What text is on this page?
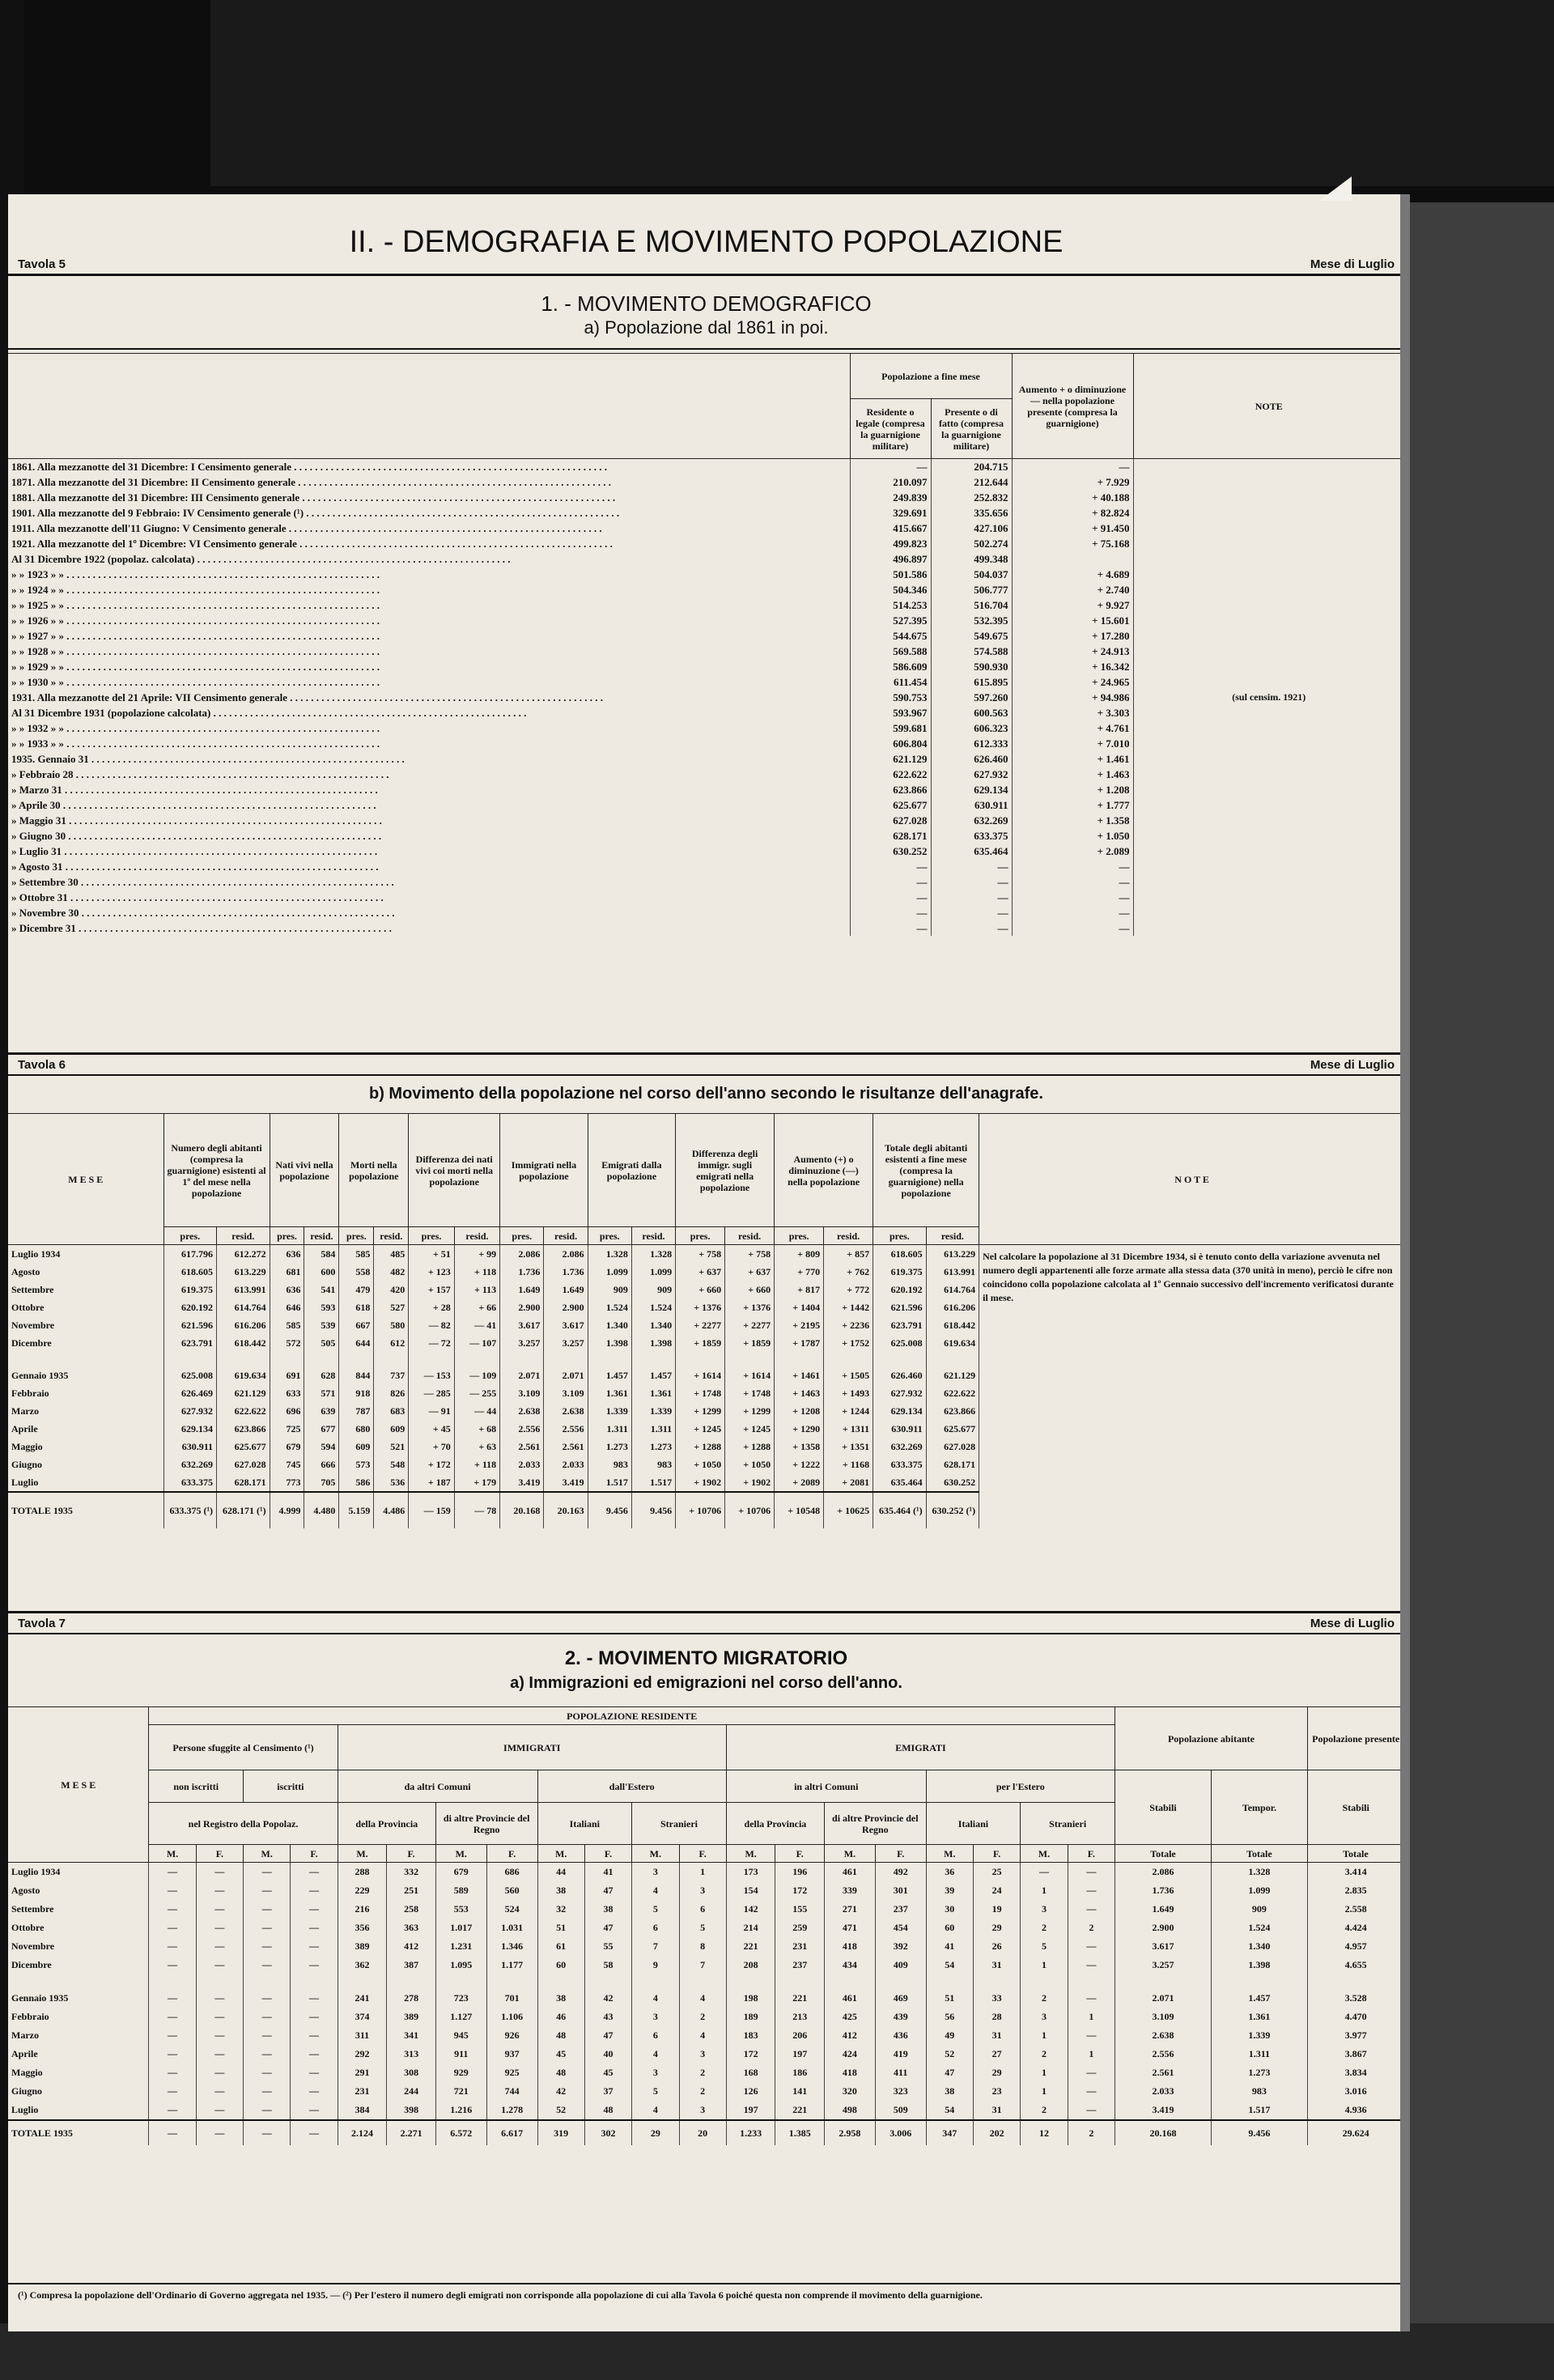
II. - DEMOGRAFIA E MOVIMENTO POPOLAZIONE
Tavola 5	Mese di Luglio
1. - MOVIMENTO DEMOGRAFICO
a) Popolazione dal 1861 in poi.
	Popolazione a fine mese		Aumento + o diminuzione — nella popolazione presente (compresa la guarnigione)	NOTE
	Residente o legale (compresa la guarnigione militare)	Presente o di fatto (compresa la guarnigione militare)		
1861. Alla mezzanotte del 31 Dicembre: I Censimento generale . . . . . . . . . . . . . . . . . . . . . . . . . . . . . . . . . . . . . . . . . . . . . . . . . . . . . . . . . . . .	—	204.715	—	
1871. Alla mezzanotte del 31 Dicembre: II Censimento generale . . . . . . . . . . . . . . . . . . . . . . . . . . . . . . . . . . . . . . . . . . . . . . . . . . . . . . . . . . . .	210.097	212.644	+ 7.929	
1881. Alla mezzanotte del 31 Dicembre: III Censimento generale . . . . . . . . . . . . . . . . . . . . . . . . . . . . . . . . . . . . . . . . . . . . . . . . . . . . . . . . . . . .	249.839	252.832	+ 40.188	
1901. Alla mezzanotte del 9 Febbraio: IV Censimento generale (¹) . . . . . . . . . . . . . . . . . . . . . . . . . . . . . . . . . . . . . . . . . . . . . . . . . . . . . . . . . . . .	329.691	335.656	+ 82.824	
1911. Alla mezzanotte dell'11 Giugno: V Censimento generale . . . . . . . . . . . . . . . . . . . . . . . . . . . . . . . . . . . . . . . . . . . . . . . . . . . . . . . . . . . .	415.667	427.106	+ 91.450	
1921. Alla mezzanotte del 1º Dicembre: VI Censimento generale . . . . . . . . . . . . . . . . . . . . . . . . . . . . . . . . . . . . . . . . . . . . . . . . . . . . . . . . . . . .	499.823	502.274	+ 75.168	
Al 31 Dicembre 1922 (popolaz. calcolata) . . . . . . . . . . . . . . . . . . . . . . . . . . . . . . . . . . . . . . . . . . . . . . . . . . . . . . . . . . . .	496.897	499.348		
» » 1923 » » . . . . . . . . . . . . . . . . . . . . . . . . . . . . . . . . . . . . . . . . . . . . . . . . . . . . . . . . . . . .	501.586	504.037	+ 4.689	
» » 1924 » » . . . . . . . . . . . . . . . . . . . . . . . . . . . . . . . . . . . . . . . . . . . . . . . . . . . . . . . . . . . .	504.346	506.777	+ 2.740	
» » 1925 » » . . . . . . . . . . . . . . . . . . . . . . . . . . . . . . . . . . . . . . . . . . . . . . . . . . . . . . . . . . . .	514.253	516.704	+ 9.927	
» » 1926 » » . . . . . . . . . . . . . . . . . . . . . . . . . . . . . . . . . . . . . . . . . . . . . . . . . . . . . . . . . . . .	527.395	532.395	+ 15.601	
» » 1927 » » . . . . . . . . . . . . . . . . . . . . . . . . . . . . . . . . . . . . . . . . . . . . . . . . . . . . . . . . . . . .	544.675	549.675	+ 17.280	
» » 1928 » » . . . . . . . . . . . . . . . . . . . . . . . . . . . . . . . . . . . . . . . . . . . . . . . . . . . . . . . . . . . .	569.588	574.588	+ 24.913	
» » 1929 » » . . . . . . . . . . . . . . . . . . . . . . . . . . . . . . . . . . . . . . . . . . . . . . . . . . . . . . . . . . . .	586.609	590.930	+ 16.342	
» » 1930 » » . . . . . . . . . . . . . . . . . . . . . . . . . . . . . . . . . . . . . . . . . . . . . . . . . . . . . . . . . . . .	611.454	615.895	+ 24.965	
1931. Alla mezzanotte del 21 Aprile: VII Censimento generale . . . . . . . . . . . . . . . . . . . . . . . . . . . . . . . . . . . . . . . . . . . . . . . . . . . . . . . . . . . .	590.753	597.260	+ 94.986	(sul censim. 1921)
Al 31 Dicembre 1931 (popolazione calcolata) . . . . . . . . . . . . . . . . . . . . . . . . . . . . . . . . . . . . . . . . . . . . . . . . . . . . . . . . . . . .	593.967	600.563	+ 3.303	
» » 1932 » » . . . . . . . . . . . . . . . . . . . . . . . . . . . . . . . . . . . . . . . . . . . . . . . . . . . . . . . . . . . .	599.681	606.323	+ 4.761	
» » 1933 » » . . . . . . . . . . . . . . . . . . . . . . . . . . . . . . . . . . . . . . . . . . . . . . . . . . . . . . . . . . . .	606.804	612.333	+ 7.010	
1935. Gennaio 31 . . . . . . . . . . . . . . . . . . . . . . . . . . . . . . . . . . . . . . . . . . . . . . . . . . . . . . . . . . . .	621.129	626.460	+ 1.461	
» Febbraio 28 . . . . . . . . . . . . . . . . . . . . . . . . . . . . . . . . . . . . . . . . . . . . . . . . . . . . . . . . . . . .	622.622	627.932	+ 1.463	
» Marzo 31 . . . . . . . . . . . . . . . . . . . . . . . . . . . . . . . . . . . . . . . . . . . . . . . . . . . . . . . . . . . .	623.866	629.134	+ 1.208	
» Aprile 30 . . . . . . . . . . . . . . . . . . . . . . . . . . . . . . . . . . . . . . . . . . . . . . . . . . . . . . . . . . . .	625.677	630.911	+ 1.777	
» Maggio 31 . . . . . . . . . . . . . . . . . . . . . . . . . . . . . . . . . . . . . . . . . . . . . . . . . . . . . . . . . . . .	627.028	632.269	+ 1.358	
» Giugno 30 . . . . . . . . . . . . . . . . . . . . . . . . . . . . . . . . . . . . . . . . . . . . . . . . . . . . . . . . . . . .	628.171	633.375	+ 1.050	
» Luglio 31 . . . . . . . . . . . . . . . . . . . . . . . . . . . . . . . . . . . . . . . . . . . . . . . . . . . . . . . . . . . .	630.252	635.464	+ 2.089	
» Agosto 31 . . . . . . . . . . . . . . . . . . . . . . . . . . . . . . . . . . . . . . . . . . . . . . . . . . . . . . . . . . . .	—	—	—	
» Settembre 30 . . . . . . . . . . . . . . . . . . . . . . . . . . . . . . . . . . . . . . . . . . . . . . . . . . . . . . . . . . . .	—	—	—	
» Ottobre 31 . . . . . . . . . . . . . . . . . . . . . . . . . . . . . . . . . . . . . . . . . . . . . . . . . . . . . . . . . . . .	—	—	—	
» Novembre 30 . . . . . . . . . . . . . . . . . . . . . . . . . . . . . . . . . . . . . . . . . . . . . . . . . . . . . . . . . . . .	—	—	—	
» Dicembre 31 . . . . . . . . . . . . . . . . . . . . . . . . . . . . . . . . . . . . . . . . . . . . . . . . . . . . . . . . . . . .	—	—	—	
Tavola 6	Mese di Luglio
b) Movimento della popolazione nel corso dell'anno secondo le risultanze dell'anagrafe.
M E S E	Numero degli abitanti (compresa la guarnigione) esistenti al 1º del mese nella popolazione		Nati vivi nella popolazione		Morti nella popolazione		Differenza dei nati vivi coi morti nella popolazione		Immigrati nella popolazione		Emigrati dalla popolazione		Differenza degli immigr. sugli emigrati nella popolazione		Aumento (+) o diminuzione (—) nella popolazione		Totale degli abitanti esistenti a fine mese (compresa la guarnigione) nella popolazione		N O T E
	pres.	resid.	pres.	resid.	pres.	resid.	pres.	resid.	pres.	resid.	pres.	resid.	pres.	resid.	pres.	resid.	pres.	resid.	
Luglio 1934	617.796	612.272	636	584	585	485	+ 51	+ 99	2.086	2.086	1.328	1.328	+ 758	+ 758	+ 809	+ 857	618.605	613.229	Nel calcolare la popolazione al 31 Dicembre 1934, si è tenuto conto della variazione avvenuta nel numero degli appartenenti alle forze armate alla stessa data (370 unità in meno), perciò le cifre non coincidono colla popolazione calcolata al 1º Gennaio successivo dell'incremento verificatosi durante il mese.
Agosto	618.605	613.229	681	600	558	482	+ 123	+ 118	1.736	1.736	1.099	1.099	+ 637	+ 637	+ 770	+ 762	619.375	613.991	
Settembre	619.375	613.991	636	541	479	420	+ 157	+ 113	1.649	1.649	909	909	+ 660	+ 660	+ 817	+ 772	620.192	614.764	
Ottobre	620.192	614.764	646	593	618	527	+ 28	+ 66	2.900	2.900	1.524	1.524	+ 1376	+ 1376	+ 1404	+ 1442	621.596	616.206	
Novembre	621.596	616.206	585	539	667	580	— 82	— 41	3.617	3.617	1.340	1.340	+ 2277	+ 2277	+ 2195	+ 2236	623.791	618.442	
Dicembre	623.791	618.442	572	505	644	612	— 72	— 107	3.257	3.257	1.398	1.398	+ 1859	+ 1859	+ 1787	+ 1752	625.008	619.634	

Gennaio 1935	625.008	619.634	691	628	844	737	— 153	— 109	2.071	2.071	1.457	1.457	+ 1614	+ 1614	+ 1461	+ 1505	626.460	621.129	
Febbraio	626.469	621.129	633	571	918	826	— 285	— 255	3.109	3.109	1.361	1.361	+ 1748	+ 1748	+ 1463	+ 1493	627.932	622.622	
Marzo	627.932	622.622	696	639	787	683	— 91	— 44	2.638	2.638	1.339	1.339	+ 1299	+ 1299	+ 1208	+ 1244	629.134	623.866	
Aprile	629.134	623.866	725	677	680	609	+ 45	+ 68	2.556	2.556	1.311	1.311	+ 1245	+ 1245	+ 1290	+ 1311	630.911	625.677	
Maggio	630.911	625.677	679	594	609	521	+ 70	+ 63	2.561	2.561	1.273	1.273	+ 1288	+ 1288	+ 1358	+ 1351	632.269	627.028	
Giugno	632.269	627.028	745	666	573	548	+ 172	+ 118	2.033	2.033	983	983	+ 1050	+ 1050	+ 1222	+ 1168	633.375	628.171	
Luglio	633.375	628.171	773	705	586	536	+ 187	+ 179	3.419	3.419	1.517	1.517	+ 1902	+ 1902	+ 2089	+ 2081	635.464	630.252	
TOTALE 1935	633.375 (¹)	628.171 (¹)	4.999	4.480	5.159	4.486	— 159	— 78	20.168	20.163	9.456	9.456	+ 10706	+ 10706	+ 10548	+ 10625	635.464 (¹)	630.252 (¹)	
Tavola 7	Mese di Luglio
2. - MOVIMENTO MIGRATORIO
a) Immigrazioni ed emigrazioni nel corso dell'anno.
M E S E	POPOLAZIONE RESIDENTE																				Popolazione abitante		Popolazione presente
	Persone sfuggite al Censimento (¹)				IMMIGRATI								EMIGRATI										
	non iscritti		iscritti		da altri Comuni				dall'Estero				in altri Comuni				per l'Estero				Stabili	Tempor.	Stabili
	nel Registro della Popolaz.				della Provincia		di altre Provincie del Regno		Italiani		Stranieri		della Provincia		di altre Provincie del Regno		Italiani		Stranieri				
	M.	F.	M.	F.	M.	F.	M.	F.	M.	F.	M.	F.	M.	F.	M.	F.	M.	F.	M.	F.	Totale	Totale	Totale
Luglio 1934	—	—	—	—	288	332	679	686	44	41	3	1	173	196	461	492	36	25	—	—	2.086	1.328	3.414
Agosto	—	—	—	—	229	251	589	560	38	47	4	3	154	172	339	301	39	24	1	—	1.736	1.099	2.835
Settembre	—	—	—	—	216	258	553	524	32	38	5	6	142	155	271	237	30	19	3	—	1.649	909	2.558
Ottobre	—	—	—	—	356	363	1.017	1.031	51	47	6	5	214	259	471	454	60	29	2	2	2.900	1.524	4.424
Novembre	—	—	—	—	389	412	1.231	1.346	61	55	7	8	221	231	418	392	41	26	5	—	3.617	1.340	4.957
Dicembre	—	—	—	—	362	387	1.095	1.177	60	58	9	7	208	237	434	409	54	31	1	—	3.257	1.398	4.655

Gennaio 1935	—	—	—	—	241	278	723	701	38	42	4	4	198	221	461	469	51	33	2	—	2.071	1.457	3.528
Febbraio	—	—	—	—	374	389	1.127	1.106	46	43	3	2	189	213	425	439	56	28	3	1	3.109	1.361	4.470
Marzo	—	—	—	—	311	341	945	926	48	47	6	4	183	206	412	436	49	31	1	—	2.638	1.339	3.977
Aprile	—	—	—	—	292	313	911	937	45	40	4	3	172	197	424	419	52	27	2	1	2.556	1.311	3.867
Maggio	—	—	—	—	291	308	929	925	48	45	3	2	168	186	418	411	47	29	1	—	2.561	1.273	3.834
Giugno	—	—	—	—	231	244	721	744	42	37	5	2	126	141	320	323	38	23	1	—	2.033	983	3.016
Luglio	—	—	—	—	384	398	1.216	1.278	52	48	4	3	197	221	498	509	54	31	2	—	3.419	1.517	4.936
TOTALE 1935	—	—	—	—	2.124	2.271	6.572	6.617	319	302	29	20	1.233	1.385	2.958	3.006	347	202	12	2	20.168	9.456	29.624
(¹) Compresa la popolazione dell'Ordinario di Governo aggregata nel 1935. — (²) Per l'estero il numero degli emigrati non corrisponde alla popolazione di cui alla Tavola 6 poiché questa non comprende il movimento della guarnigione.
